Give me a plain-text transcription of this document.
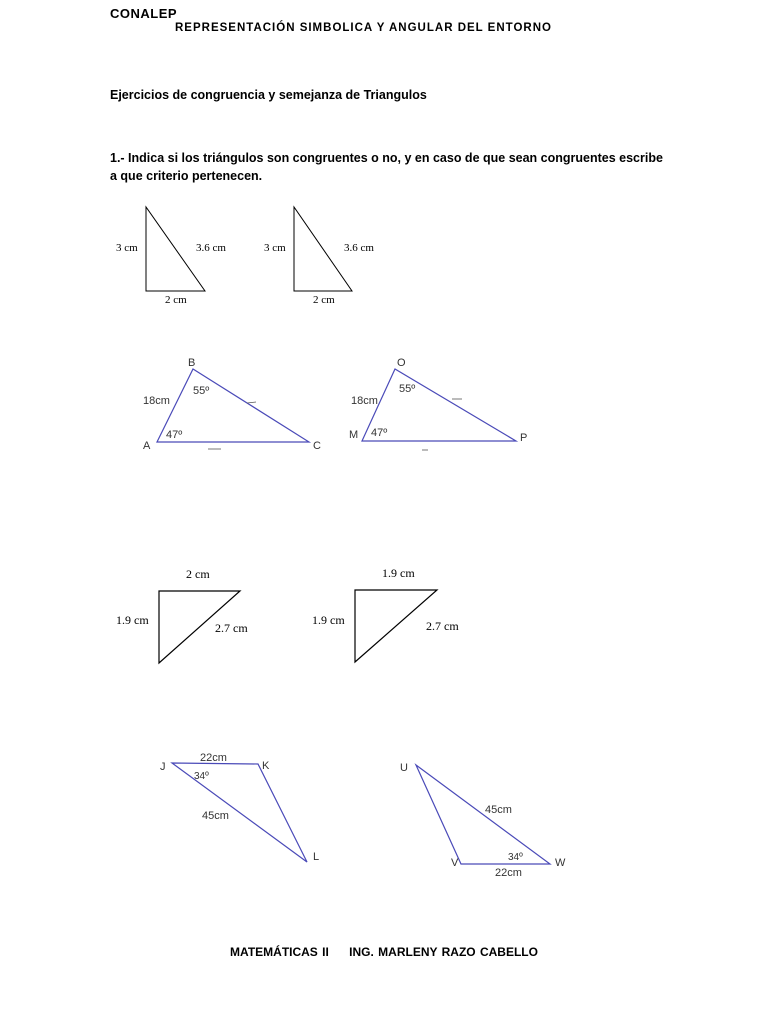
CONALEP
REPRESENTACIÓN SIMBOLICA Y ANGULAR DEL ENTORNO
Ejercicios de congruencia y semejanza de Triangulos
1.- Indica si los triángulos son congruentes o no, y en caso de que sean congruentes escribe a que criterio pertenecen.
3 cm	3.6 cm
2 cm
3 cm	3.6 cm
2 cm
B
A	C
18cm
55º
47º
O
M	P
18cm
55º
47º
2 cm
1.9 cm
2.7 cm
1.9 cm
1.9 cm	2.7 cm
J	K
L
22cm
34º
45cm
U
V	W
22cm
34º
45cm
MATEMÁTICAS II ING. MARLENY RAZO CABELLO
